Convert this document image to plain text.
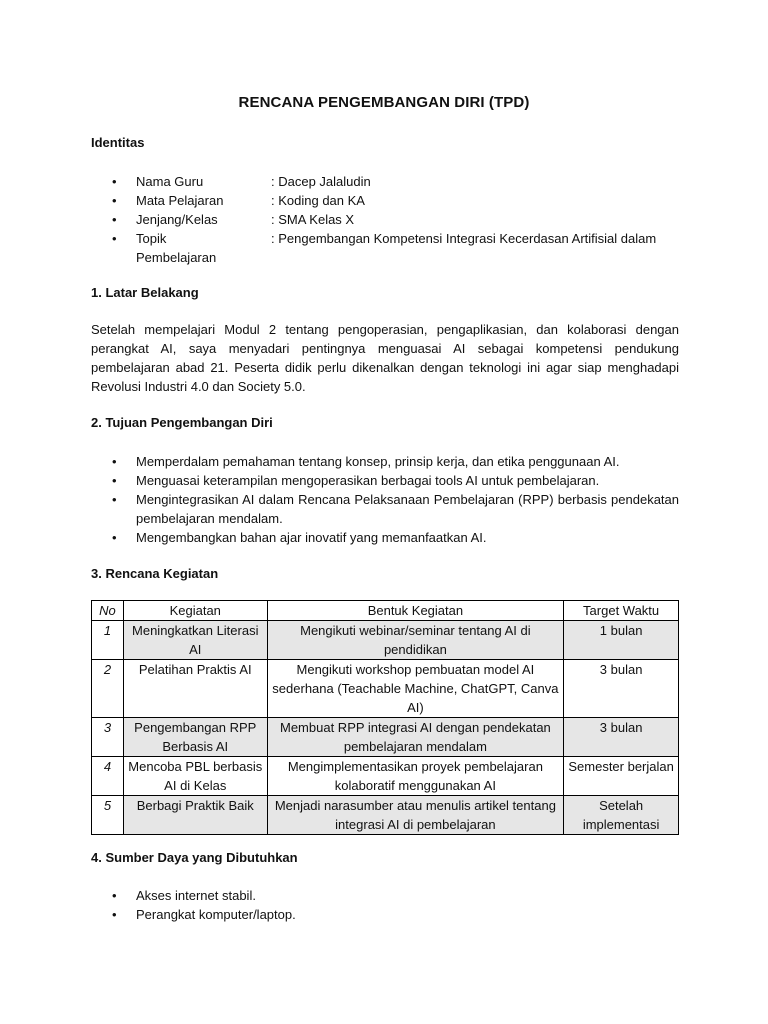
RENCANA PENGEMBANGAN DIRI (TPD)
Identitas
• Nama Guru	: Dacep Jalaludin
• Mata Pelajaran	: Koding dan KA
• Jenjang/Kelas	: SMA Kelas X
• Topik	: Pengembangan Kompetensi Integrasi Kecerdasan Artifisial dalam
Pembelajaran
1. Latar Belakang

Setelah mempelajari Modul 2 tentang pengoperasian, pengaplikasian, dan kolaborasi dengan perangkat AI, saya menyadari pentingnya menguasai AI sebagai kompetensi pendukung pembelajaran abad 21. Peserta didik perlu dikenalkan dengan teknologi ini agar siap menghadapi Revolusi Industri 4.0 dan Society 5.0.

2. Tujuan Pengembangan Diri
• Memperdalam pemahaman tentang konsep, prinsip kerja, dan etika penggunaan AI.
• Menguasai keterampilan mengoperasikan berbagai tools AI untuk pembelajaran.
• Mengintegrasikan AI dalam Rencana Pelaksanaan Pembelajaran (RPP) berbasis pendekatan pembelajaran mendalam.
• Mengembangkan bahan ajar inovatif yang memanfaatkan AI.
3. Rencana Kegiatan
No	Kegiatan	Bentuk Kegiatan	Target Waktu
1	Meningkatkan Literasi AI	Mengikuti webinar/seminar tentang AI di pendidikan	1 bulan
2	Pelatihan Praktis AI	Mengikuti workshop pembuatan model AI sederhana (Teachable Machine, ChatGPT, Canva AI)	3 bulan
3	Pengembangan RPP Berbasis AI	Membuat RPP integrasi AI dengan pendekatan pembelajaran mendalam	3 bulan
4	Mencoba PBL berbasis AI di Kelas	Mengimplementasikan proyek pembelajaran kolaboratif menggunakan AI	Semester berjalan
5	Berbagi Praktik Baik	Menjadi narasumber atau menulis artikel tentang integrasi AI di pembelajaran	Setelah implementasi
4. Sumber Daya yang Dibutuhkan
• Akses internet stabil.
• Perangkat komputer/laptop.
